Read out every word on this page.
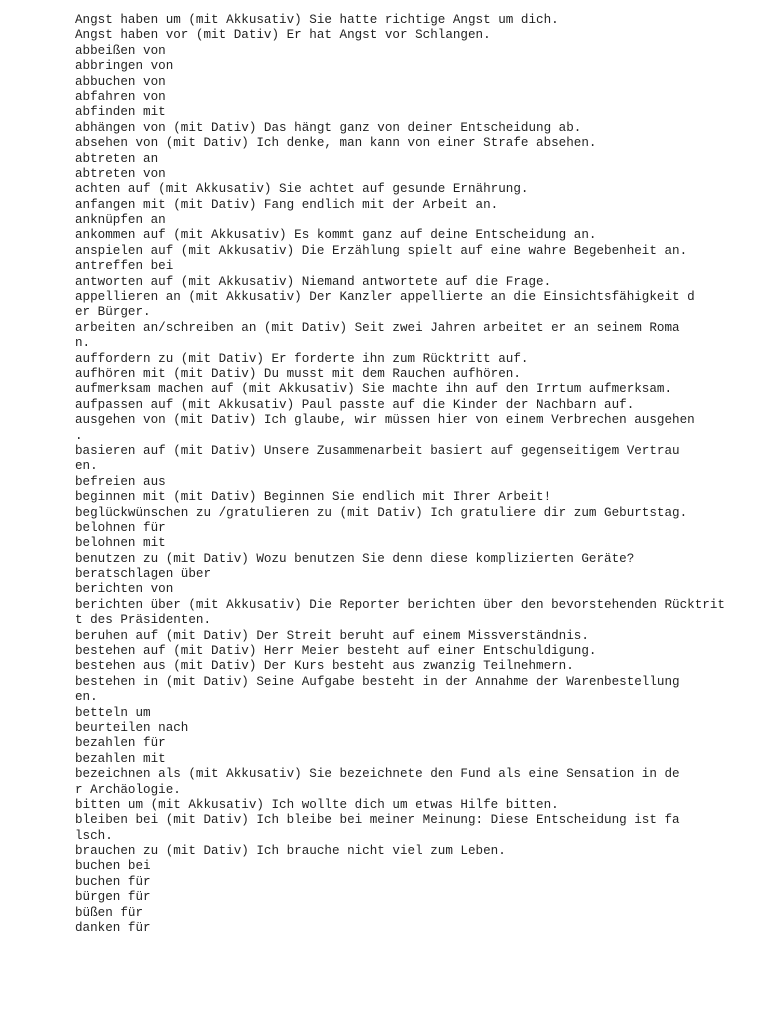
Angst haben um (mit Akkusativ) Sie hatte richtige Angst um dich.
Angst haben vor (mit Dativ) Er hat Angst vor Schlangen.
abbeißen von
abbringen von
abbuchen von
abfahren von
abfinden mit
abhängen von (mit Dativ) Das hängt ganz von deiner Entscheidung ab.
absehen von (mit Dativ) Ich denke, man kann von einer Strafe absehen.
abtreten an
abtreten von
achten auf (mit Akkusativ) Sie achtet auf gesunde Ernährung.
anfangen mit (mit Dativ) Fang endlich mit der Arbeit an.
anknüpfen an
ankommen auf (mit Akkusativ) Es kommt ganz auf deine Entscheidung an.
anspielen auf (mit Akkusativ) Die Erzählung spielt auf eine wahre Begebenheit an.
antreffen bei
antworten auf (mit Akkusativ) Niemand antwortete auf die Frage.
appellieren an (mit Akkusativ) Der Kanzler appellierte an die Einsichtsfähigkeit d
er Bürger.
arbeiten an/schreiben an (mit Dativ) Seit zwei Jahren arbeitet er an seinem Roma
n.
auffordern zu (mit Dativ) Er forderte ihn zum Rücktritt auf.
aufhören mit (mit Dativ) Du musst mit dem Rauchen aufhören.
aufmerksam machen auf (mit Akkusativ) Sie machte ihn auf den Irrtum aufmerksam.
aufpassen auf (mit Akkusativ) Paul passte auf die Kinder der Nachbarn auf.
ausgehen von (mit Dativ) Ich glaube, wir müssen hier von einem Verbrechen ausgehen
.
basieren auf (mit Dativ) Unsere Zusammenarbeit basiert auf gegenseitigem Vertrau
en.
befreien aus
beginnen mit (mit Dativ) Beginnen Sie endlich mit Ihrer Arbeit!
beglückwünschen zu /gratulieren zu (mit Dativ) Ich gratuliere dir zum Geburtstag.
belohnen für
belohnen mit
benutzen zu (mit Dativ) Wozu benutzen Sie denn diese komplizierten Geräte?
beratschlagen über
berichten von
berichten über (mit Akkusativ) Die Reporter berichten über den bevorstehenden Rücktrit
t des Präsidenten.
beruhen auf (mit Dativ) Der Streit beruht auf einem Missverständnis.
bestehen auf (mit Dativ) Herr Meier besteht auf einer Entschuldigung.
bestehen aus (mit Dativ) Der Kurs besteht aus zwanzig Teilnehmern.
bestehen in (mit Dativ) Seine Aufgabe besteht in der Annahme der Warenbestellung
en.
betteln um
beurteilen nach
bezahlen für
bezahlen mit
bezeichnen als (mit Akkusativ) Sie bezeichnete den Fund als eine Sensation in de
r Archäologie.
bitten um (mit Akkusativ) Ich wollte dich um etwas Hilfe bitten.
bleiben bei (mit Dativ) Ich bleibe bei meiner Meinung: Diese Entscheidung ist fa
lsch.
brauchen zu (mit Dativ) Ich brauche nicht viel zum Leben.
buchen bei
buchen für
bürgen für
büßen für
danken für
